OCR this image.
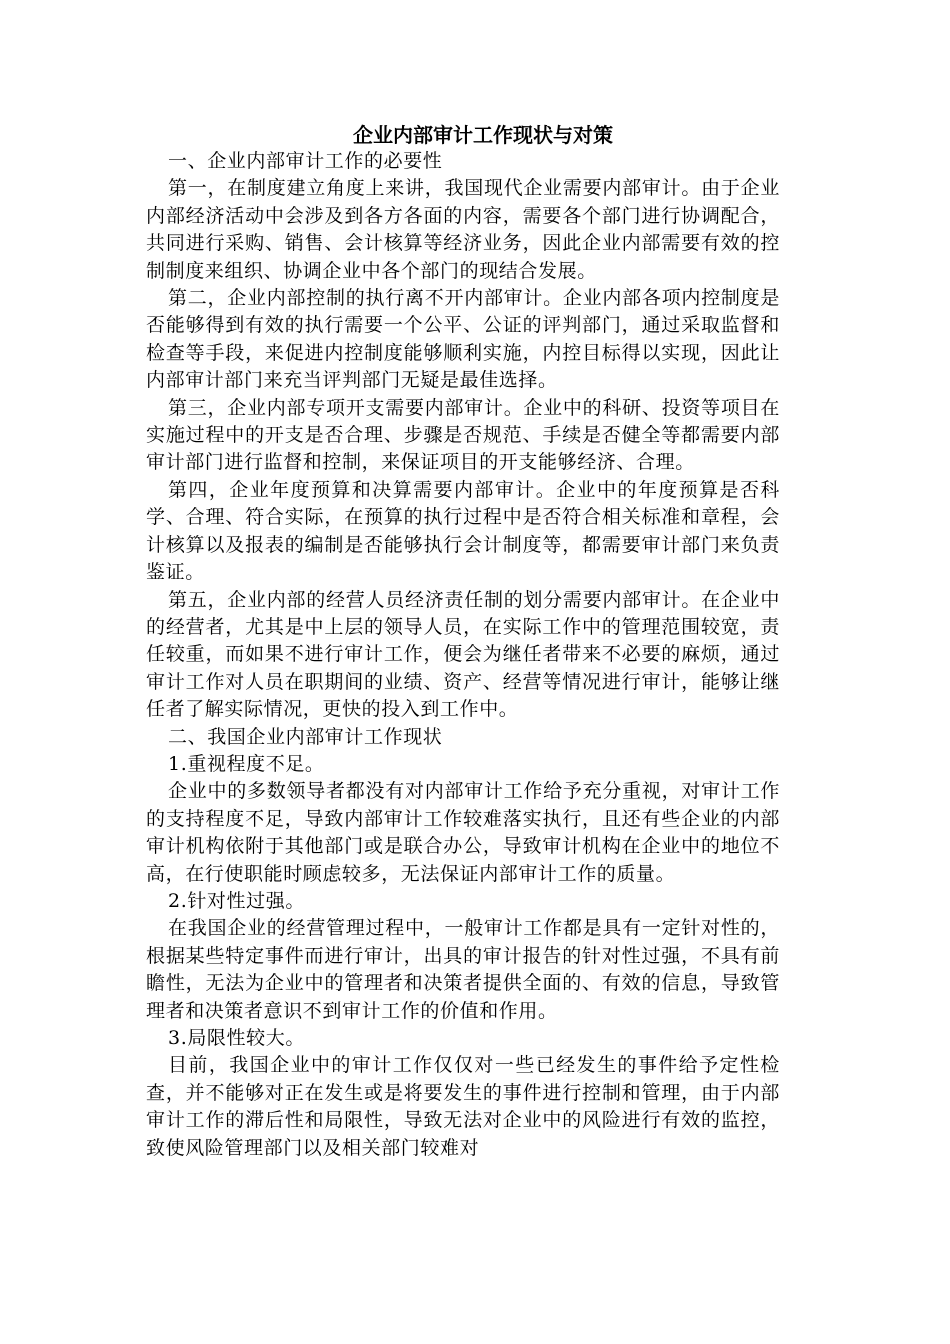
企业内部审计工作现状与对策

一、企业内部审计工作的必要性

第一，在制度建立角度上来讲，我国现代企业需要内部审计。由于企业内部经济活动中会涉及到各方各面的内容，需要各个部门进行协调配合，共同进行采购、销售、会计核算等经济业务，因此企业内部需要有效的控制制度来组织、协调企业中各个部门的现结合发展。

第二，企业内部控制的执行离不开内部审计。企业内部各项内控制度是否能够得到有效的执行需要一个公平、公证的评判部门，通过采取监督和检查等手段，来促进内控制度能够顺利实施，内控目标得以实现，因此让内部审计部门来充当评判部门无疑是最佳选择。

第三，企业内部专项开支需要内部审计。企业中的科研、投资等项目在实施过程中的开支是否合理、步骤是否规范、手续是否健全等都需要内部审计部门进行监督和控制，来保证项目的开支能够经济、合理。

第四，企业年度预算和决算需要内部审计。企业中的年度预算是否科学、合理、符合实际，在预算的执行过程中是否符合相关标准和章程，会计核算以及报表的编制是否能够执行会计制度等，都需要审计部门来负责鉴证。

第五，企业内部的经营人员经济责任制的划分需要内部审计。在企业中的经营者，尤其是中上层的领导人员，在实际工作中的管理范围较宽，责任较重，而如果不进行审计工作，便会为继任者带来不必要的麻烦，通过审计工作对人员在职期间的业绩、资产、经营等情况进行审计，能够让继任者了解实际情况，更快的投入到工作中。

二、我国企业内部审计工作现状

1.重视程度不足。

企业中的多数领导者都没有对内部审计工作给予充分重视，对审计工作的支持程度不足，导致内部审计工作较难落实执行，且还有些企业的内部审计机构依附于其他部门或是联合办公，导致审计机构在企业中的地位不高，在行使职能时顾虑较多，无法保证内部审计工作的质量。

2.针对性过强。

在我国企业的经营管理过程中，一般审计工作都是具有一定针对性的，根据某些特定事件而进行审计，出具的审计报告的针对性过强，不具有前瞻性，无法为企业中的管理者和决策者提供全面的、有效的信息，导致管理者和决策者意识不到审计工作的价值和作用。

3.局限性较大。

目前，我国企业中的审计工作仅仅对一些已经发生的事件给予定性检查，并不能够对正在发生或是将要发生的事件进行控制和管理，由于内部审计工作的滞后性和局限性，导致无法对企业中的风险进行有效的监控，致使风险管理部门以及相关部门较难对
